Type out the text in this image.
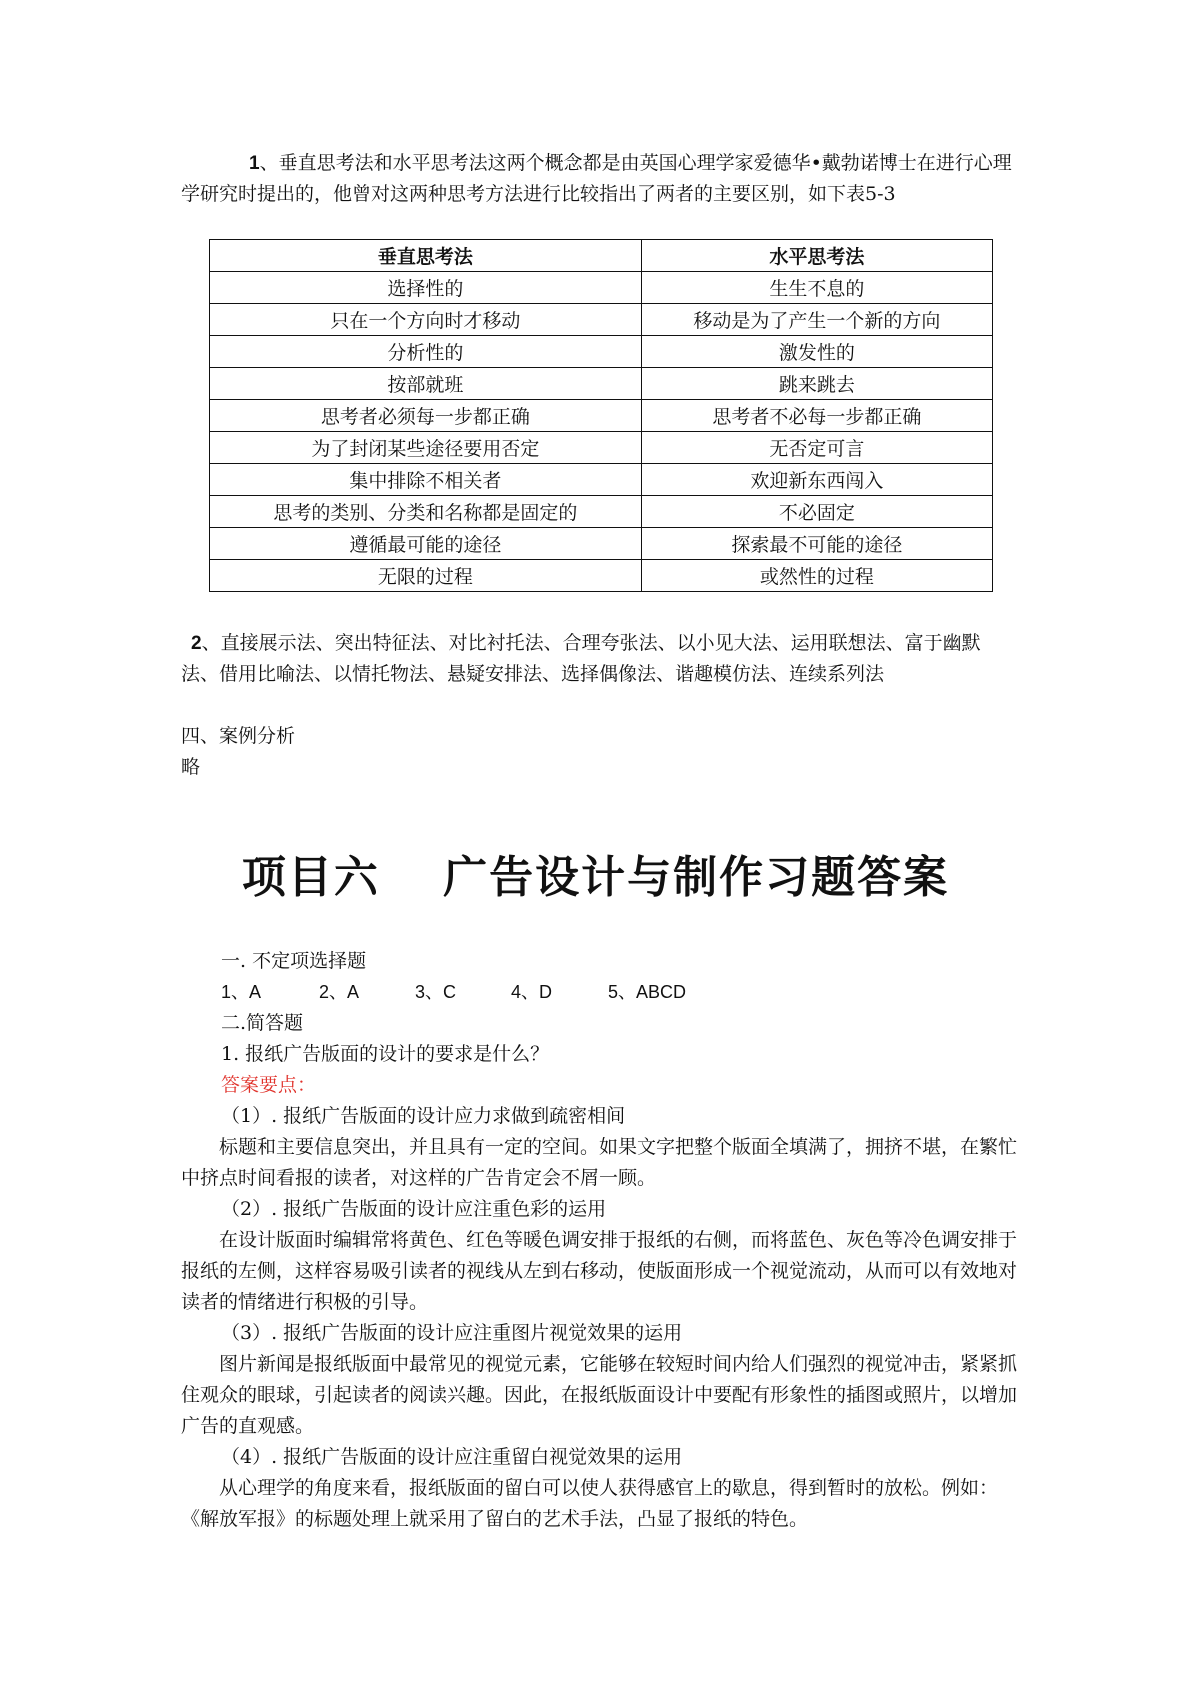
1、垂直思考法和水平思考法这两个概念都是由英国心理学家爱德华•戴勃诺博士在进行心理学研究时提出的，他曾对这两种思考方法进行比较指出了两者的主要区别，如下表5-3

垂直思考法	水平思考法
选择性的	生生不息的
只在一个方向时才移动	移动是为了产生一个新的方向
分析性的	激发性的
按部就班	跳来跳去
思考者必须每一步都正确	思考者不必每一步都正确
为了封闭某些途径要用否定	无否定可言
集中排除不相关者	欢迎新东西闯入
思考的类别、分类和名称都是固定的	不必固定
遵循最可能的途径	探索最不可能的途径
无限的过程	或然性的过程

2、直接展示法、突出特征法、对比衬托法、合理夸张法、以小见大法、运用联想法、富于幽默法、借用比喻法、以情托物法、悬疑安排法、选择偶像法、谐趣模仿法、连续系列法

四、案例分析

略

项目六　 广告设计与制作习题答案

一. 不定项选择题

1、A	2、A	3、C	4、D	5、ABCD

二.简答题

1. 报纸广告版面的设计的要求是什么？

答案要点：

（1）. 报纸广告版面的设计应力求做到疏密相间

标题和主要信息突出，并且具有一定的空间。如果文字把整个版面全填满了，拥挤不堪，在繁忙中挤点时间看报的读者，对这样的广告肯定会不屑一顾。

（2）. 报纸广告版面的设计应注重色彩的运用

在设计版面时编辑常将黄色、红色等暖色调安排于报纸的右侧，而将蓝色、灰色等冷色调安排于报纸的左侧，这样容易吸引读者的视线从左到右移动，使版面形成一个视觉流动，从而可以有效地对读者的情绪进行积极的引导。

（3）. 报纸广告版面的设计应注重图片视觉效果的运用

图片新闻是报纸版面中最常见的视觉元素，它能够在较短时间内给人们强烈的视觉冲击，紧紧抓住观众的眼球，引起读者的阅读兴趣。因此，在报纸版面设计中要配有形象性的插图或照片，以增加广告的直观感。

（4）. 报纸广告版面的设计应注重留白视觉效果的运用

从心理学的角度来看，报纸版面的留白可以使人获得感官上的歇息，得到暂时的放松。例如：《解放军报》的标题处理上就采用了留白的艺术手法，凸显了报纸的特色。
